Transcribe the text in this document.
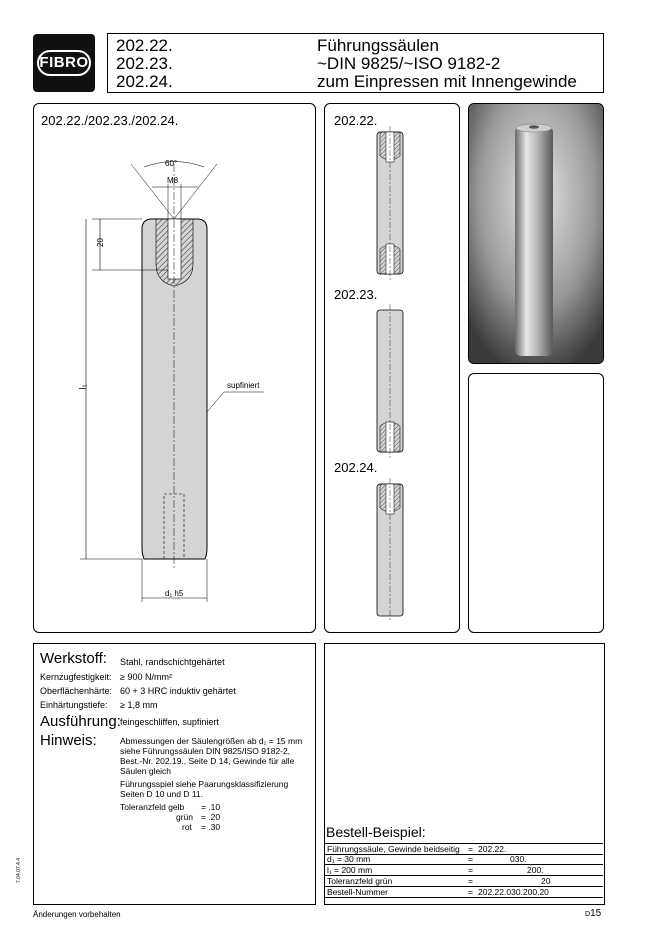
FIBRO
202.22.
202.23.
202.24.
Führungssäulen
~DIN 9825/~ISO 9182-2
zum Einpressen mit Innengewinde
202.22./202.23./202.24.
60°
M8
20
l₁	supfiniert
d₁ h5
202.22.
202.23.
202.24.
Werkstoff: Stahl, randschichtgehärtet
Kernzugfestigkeit: ≥ 900 N/mm²
Oberflächenhärte: 60 + 3 HRC induktiv gehärtet
Einhärtungstiefe: ≥ 1,8 mm
Ausführung: feingeschliffen, supfiniert
Hinweis:	Abmessungen der Säulengrößen ab d₁ = 15 mm
siehe Führungssäulen DIN 9825/ISO 9182-2,
Best.-Nr. 202.19., Seite D 14, Gewinde für alle
Säulen gleich
Führungsspiel siehe Paarungsklassifizierung
Seiten D 10 und D 11.
Toleranzfeld gelb = .10
grün = .20
rot = .30	Bestell-Beispiel:
Führungssäule, Gewinde beidseitig = 202.22.
d₁ = 30 mm	=	030.
l₁ = 200 mm	=	200.
Toleranzfeld grün	=	20
Bestell-Nummer	= 202.22.030.200.20
7.04.07.4.4
Änderungen vorbehalten	D15
